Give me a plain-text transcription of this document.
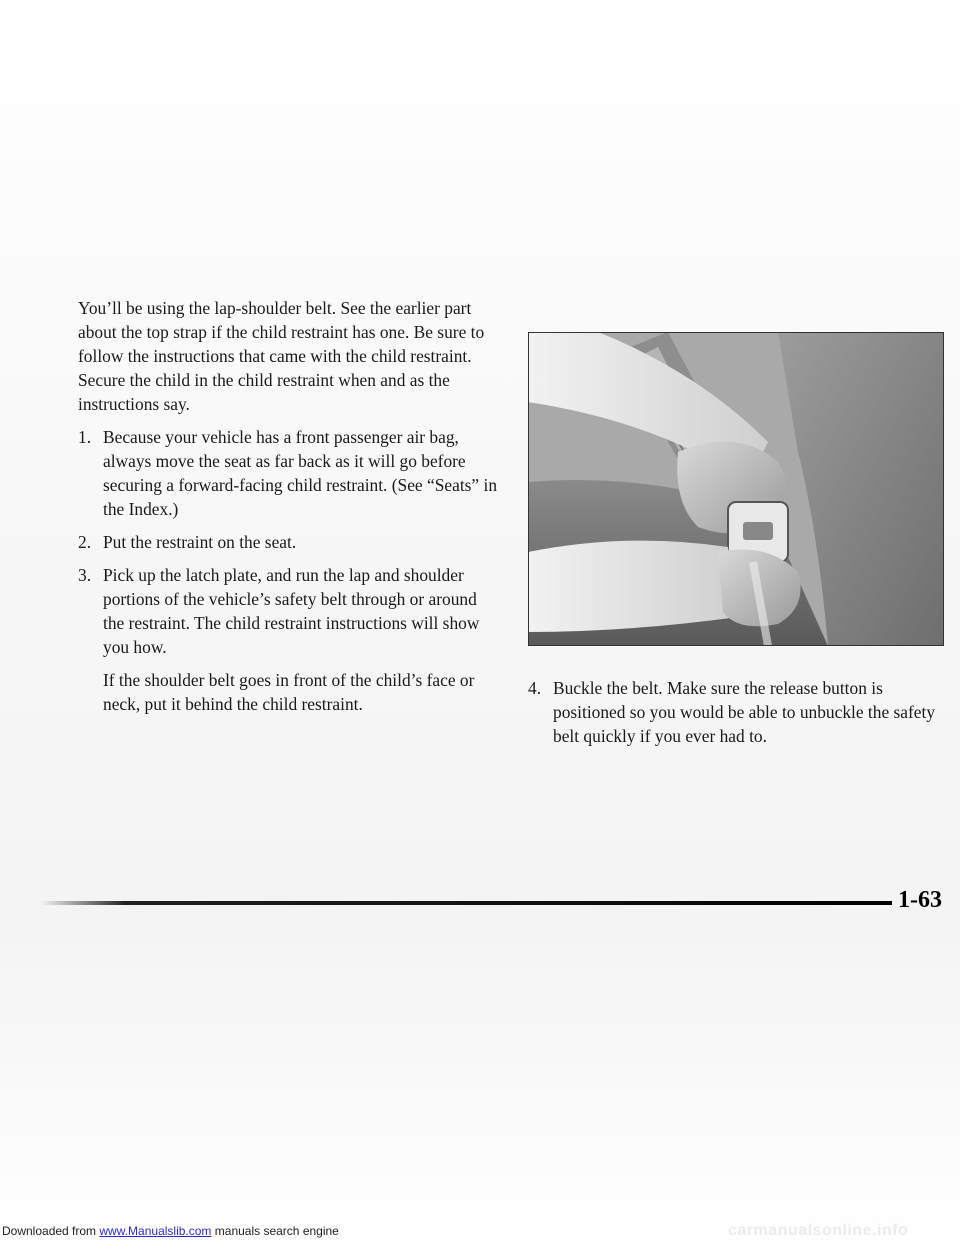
You’ll be using the lap-shoulder belt. See the earlier part about the top strap if the child restraint has one. Be sure to follow the instructions that came with the child restraint. Secure the child in the child restraint when and as the instructions say.

1. Because your vehicle has a front passenger air bag, always move the seat as far back as it will go before securing a forward-facing child restraint. (See “Seats” in the Index.)
2. Put the restraint on the seat.
3. Pick up the latch plate, and run the lap and shoulder portions of the vehicle’s safety belt through or around the restraint. The child restraint instructions will show you how.

If the shoulder belt goes in front of the child’s face or neck, put it behind the child restraint.

4. Buckle the belt. Make sure the release button is positioned so you would be able to unbuckle the safety belt quickly if you ever had to.
1-63
Downloaded from www.Manualslib.com manuals search engine	carmanualsonline.info
